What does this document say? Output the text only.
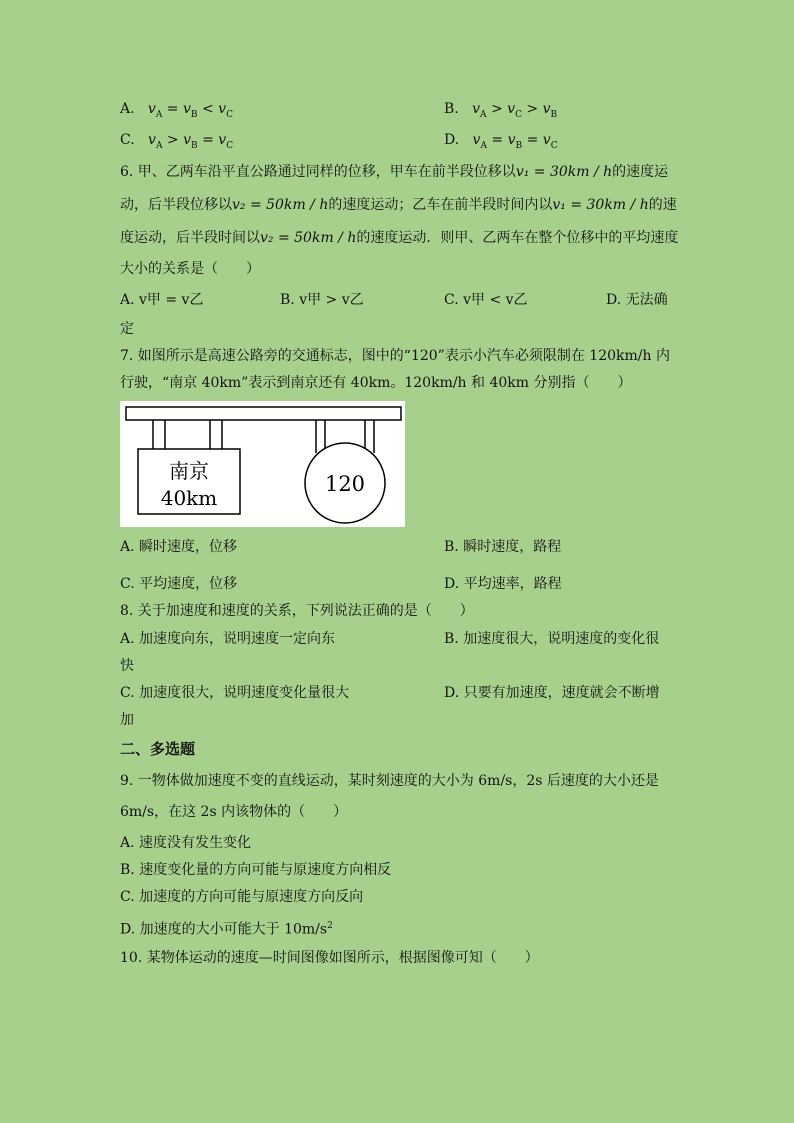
A. $v_A = v_B < v_C$	B. $v_A > v_C > v_B$
C. $v_A > v_B = v_C$	D. $v_A = v_B = v_C$
6. 甲、乙两车沿平直公路通过同样的位移，甲车在前半段位移以v₁ = 30km / h的速度运
动，后半段位移以v₂ = 50km / h的速度运动；乙车在前半段时间内以v₁ = 30km / h的速
度运动，后半段时间以v₂ = 50km / h的速度运动．则甲、乙两车在整个位移中的平均速度
大小的关系是（　　）
A. v甲 = v乙	B. v甲 > v乙	C. v甲 < v乙	D. 无法确
定
7. 如图所示是高速公路旁的交通标志，图中的“120”表示小汽车必须限制在 120km/h 内
行驶，“南京 40km”表示到南京还有 40km。120km/h 和 40km 分别指（　　）
南京
40km
120
A. 瞬时速度，位移	B. 瞬时速度，路程
C. 平均速度，位移	D. 平均速率，路程
8. 关于加速度和速度的关系，下列说法正确的是（　　）
A. 加速度向东，说明速度一定向东	B. 加速度很大，说明速度的变化很
快
C. 加速度很大，说明速度变化量很大	D. 只要有加速度，速度就会不断增
加
二、多选题
9. 一物体做加速度不变的直线运动，某时刻速度的大小为 6m/s，2s 后速度的大小还是
6m/s，在这 2s 内该物体的（　　）
A. 速度没有发生变化
B. 速度变化量的方向可能与原速度方向相反
C. 加速度的方向可能与原速度方向反向
D. 加速度的大小可能大于 $10m/s^2$
10. 某物体运动的速度—时间图像如图所示，根据图像可知（　　）
